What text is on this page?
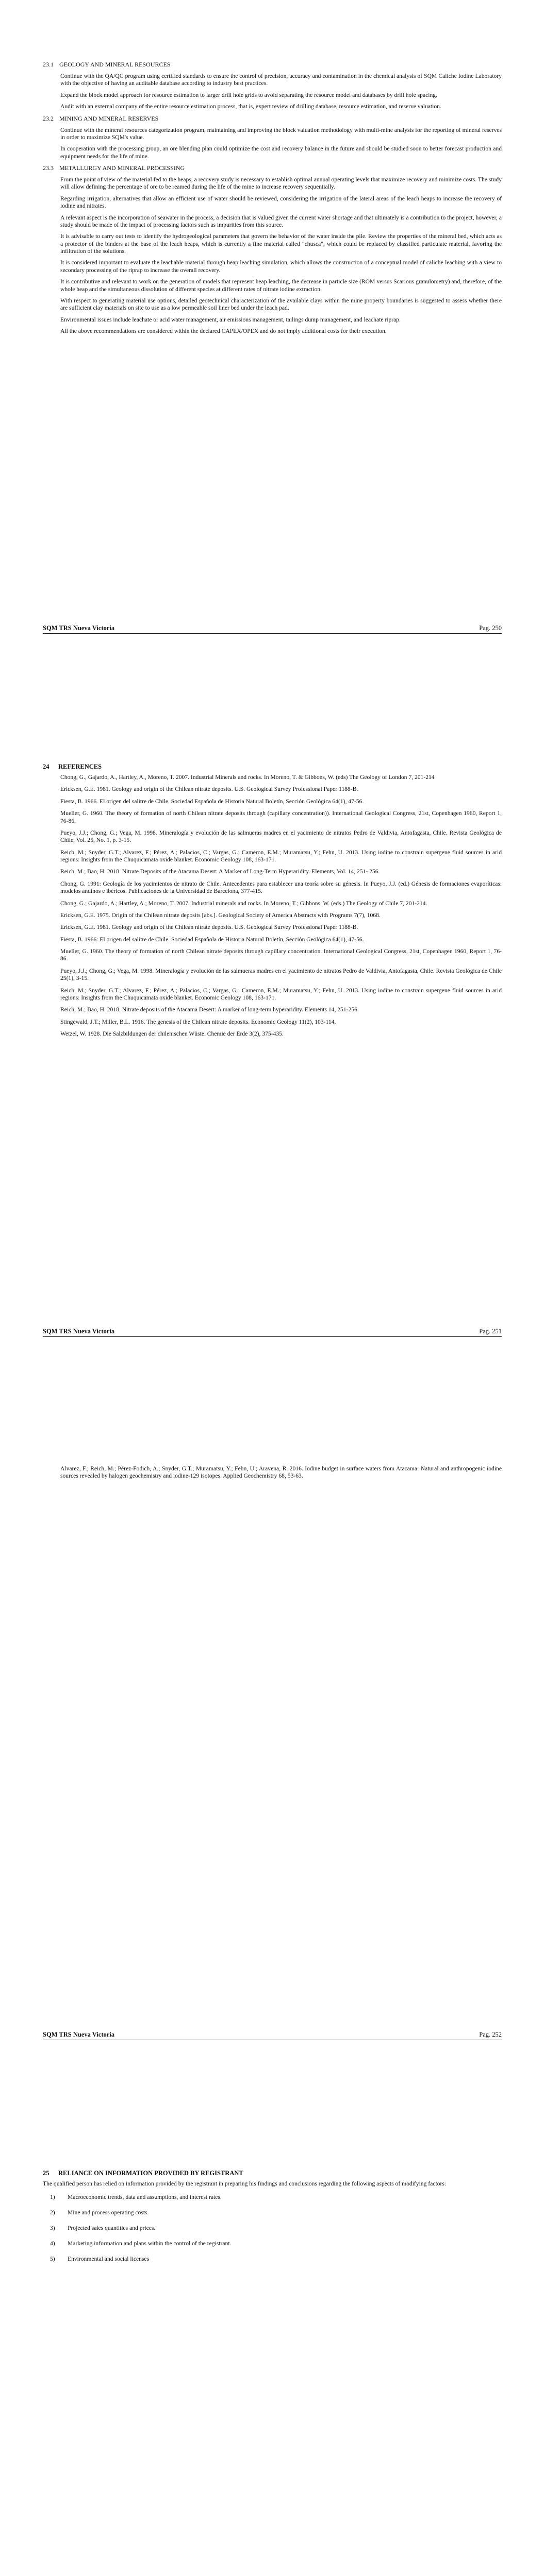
23.1 GEOLOGY AND MINERAL RESOURCES

Continue with the QA/QC program using certified standards to ensure the control of precision, accuracy and contamination in the chemical analysis of SQM Caliche Iodine Laboratory with the objective of having an auditable database according to industry best practices.

Expand the block model approach for resource estimation to larger drill hole grids to avoid separating the resource model and databases by drill hole spacing.

Audit with an external company of the entire resource estimation process, that is, expert review of drilling database, resource estimation, and reserve valuation.

23.2 MINING AND MINERAL RESERVES

Continue with the mineral resources categorization program, maintaining and improving the block valuation methodology with multi-mine analysis for the reporting of mineral reserves in order to maximize SQM's value.

In cooperation with the processing group, an ore blending plan could optimize the cost and recovery balance in the future and should be studied soon to better forecast production and equipment needs for the life of mine.

23.3 METALLURGY AND MINERAL PROCESSING

From the point of view of the material fed to the heaps, a recovery study is necessary to establish optimal annual operating levels that maximize recovery and minimize costs. The study will allow defining the percentage of ore to be reamed during the life of the mine to increase recovery sequentially.

Regarding irrigation, alternatives that allow an efficient use of water should be reviewed, considering the irrigation of the lateral areas of the leach heaps to increase the recovery of iodine and nitrates.

A relevant aspect is the incorporation of seawater in the process, a decision that is valued given the current water shortage and that ultimately is a contribution to the project, however, a study should be made of the impact of processing factors such as impurities from this source.

It is advisable to carry out tests to identify the hydrogeological parameters that govern the behavior of the water inside the pile. Review the properties of the mineral bed, which acts as a protector of the binders at the base of the leach heaps, which is currently a fine material called "chusca", which could be replaced by classified particulate material, favoring the infiltration of the solutions.

It is considered important to evaluate the leachable material through heap leaching simulation, which allows the construction of a conceptual model of caliche leaching with a view to secondary processing of the riprap to increase the overall recovery.

It is contributive and relevant to work on the generation of models that represent heap leaching, the decrease in particle size (ROM versus Scarious granulometry) and, therefore, of the whole heap and the simultaneous dissolution of different species at different rates of nitrate iodine extraction.

With respect to generating material use options, detailed geotechnical characterization of the available clays within the mine property boundaries is suggested to assess whether there are sufficient clay materials on site to use as a low permeable soil liner bed under the leach pad.

Environmental issues include leachate or acid water management, air emissions management, tailings dump management, and leachate riprap.

All the above recommendations are considered within the declared CAPEX/OPEX and do not imply additional costs for their execution.

SQM TRS Nueva Victoria	Pag. 250
24 REFERENCES

Chong, G., Gajardo, A., Hartley, A., Moreno, T. 2007. Industrial Minerals and rocks. In Moreno, T. & Gibbons, W. (eds) The Geology of London 7, 201-214

Ericksen, G.E. 1981. Geology and origin of the Chilean nitrate deposits. U.S. Geological Survey Professional Paper 1188-B.

Fiesta, B. 1966. El origen del salitre de Chile. Sociedad Española de Historia Natural Boletín, Sección Geológica 64(1), 47-56.

Mueller, G. 1960. The theory of formation of north Chilean nitrate deposits through (capillary concentration)). International Geological Congress, 21st, Copenhagen 1960, Report 1, 76-86.

Pueyo, J.J.; Chong, G.; Vega, M. 1998. Mineralogía y evolución de las salmueras madres en el yacimiento de nitratos Pedro de Valdivia, Antofagasta, Chile. Revista Geológica de Chile, Vol. 25, No. 1, p. 3-15.

Reich, M.; Snyder, G.T.; Alvarez, F.; Pérez, A.; Palacios, C.; Vargas, G.; Cameron, E.M.; Muramatsu, Y.; Fehn, U. 2013. Using iodine to constrain supergene fluid sources in arid regions: Insights from the Chuquicamata oxide blanket. Economic Geology 108, 163-171.

Reich, M.; Bao, H. 2018. Nitrate Deposits of the Atacama Desert: A Marker of Long-Term Hyperaridity. Elements, Vol. 14, 251- 256.

Chong, G. 1991: Geología de los yacimientos de nitrato de Chile. Antecedentes para establecer una teoría sobre su génesis. In Pueyo, J.J. (ed.) Génesis de formaciones evaporíticas: modelos andinos e ibéricos. Publicaciones de la Universidad de Barcelona, 377-415.

Chong, G.; Gajardo, A.; Hartley, A.; Moreno, T. 2007. Industrial minerals and rocks. In Moreno, T.; Gibbons, W. (eds.) The Geology of Chile 7, 201-214.

Ericksen, G.E. 1975. Origin of the Chilean nitrate deposits [abs.]. Geological Society of America Abstracts with Programs 7(7), 1068.

Ericksen, G.E. 1981. Geology and origin of the Chilean nitrate deposits. U.S. Geological Survey Professional Paper 1188-B.

Fiesta, B. 1966: El origen del salitre de Chile. Sociedad Española de Historia Natural Boletín, Sección Geológica 64(1), 47-56.

Mueller, G. 1960. The theory of formation of north Chilean nitrate deposits through capillary concentration. International Geological Congress, 21st, Copenhagen 1960, Report 1, 76-86.

Pueyo, J.J.; Chong, G.; Vega, M. 1998. Mineralogía y evolución de las salmueras madres en el yacimiento de nitratos Pedro de Valdivia, Antofagasta, Chile. Revista Geológica de Chile 25(1), 3-15.

Reich, M.; Snyder, G.T.; Alvarez, F.; Pérez, A.; Palacios, C.; Vargas, G.; Cameron, E.M.; Muramatsu, Y.; Fehn, U. 2013. Using iodine to constrain supergene fluid sources in arid regions: Insights from the Chuquicamata oxide blanket. Economic Geology 108, 163-171.

Reich, M.; Bao, H. 2018. Nitrate deposits of the Atacama Desert: A marker of long-term hyperaridity. Elements 14, 251-256.

Stingewald, J.T.; Miller, B.L. 1916. The genesis of the Chilean nitrate deposits. Economic Geology 11(2), 103-114.

Wetzel, W. 1928. Die Salzbildungen der chilenischen Wüste. Chemie der Erde 3(2), 375-435.

SQM TRS Nueva Victoria	Pag. 251

Alvarez, F.; Reich, M.; Pérez-Fodich, A.; Snyder, G.T.; Muramatsu, Y.; Fehn, U.; Aravena, R. 2016. Iodine budget in surface waters from Atacama: Natural and anthropogenic iodine sources revealed by halogen geochemistry and iodine-129 isotopes. Applied Geochemistry 68, 53-63.

SQM TRS Nueva Victoria	Pag. 252
25 RELIANCE ON INFORMATION PROVIDED BY REGISTRANT

The qualified person has relied on information provided by the registrant in preparing his findings and conclusions regarding the following aspects of modifying factors:

1)	Macroeconomic trends, data and assumptions, and interest rates.
2)	Mine and process operating costs.
3)	Projected sales quantities and prices.
4)	Marketing information and plans within the control of the registrant.
5)	Environmental and social licenses
